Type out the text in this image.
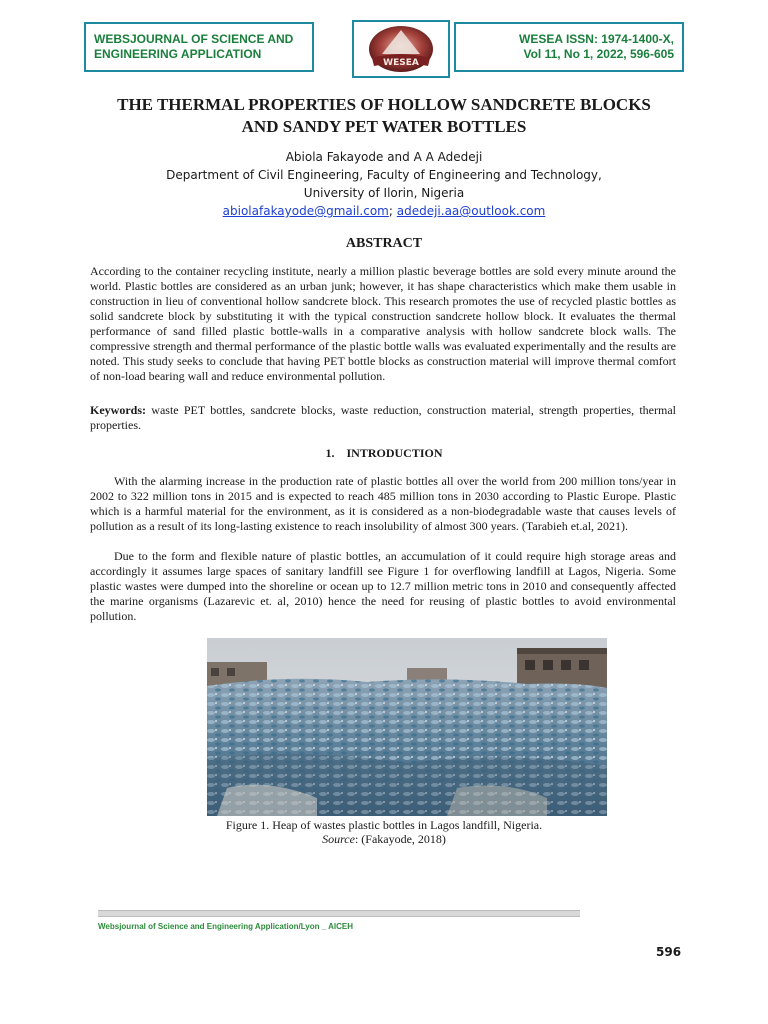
WEBSJOURNAL OF SCIENCE AND
ENGINEERING APPLICATION
WESEA
WESEA ISSN: 1974-1400-X,
Vol 11, No 1, 2022, 596-605
THE THERMAL PROPERTIES OF HOLLOW SANDCRETE BLOCKS
AND SANDY PET WATER BOTTLES
Abiola Fakayode and A A Adedeji
Department of Civil Engineering, Faculty of Engineering and Technology,
University of Ilorin, Nigeria
abiolafakayode@gmail.com; adedeji.aa@outlook.com
ABSTRACT
According to the container recycling institute, nearly a million plastic beverage bottles are sold every minute around the world. Plastic bottles are considered as an urban junk; however, it has shape characteristics which make them usable in construction in lieu of conventional hollow sandcrete block. This research promotes the use of recycled plastic bottles as solid sandcrete block by substituting it with the typical construction sandcrete hollow block. It evaluates the thermal performance of sand filled plastic bottle-walls in a comparative analysis with hollow sandcrete block walls. The compressive strength and thermal performance of the plastic bottle walls was evaluated experimentally and the results are noted. This study seeks to conclude that having PET bottle blocks as construction material will improve thermal comfort of non-load bearing wall and reduce environmental pollution.
Keywords: waste PET bottles, sandcrete blocks, waste reduction, construction material, strength properties, thermal properties.
1.    INTRODUCTION
With the alarming increase in the production rate of plastic bottles all over the world from 200 million tons/year in 2002 to 322 million tons in 2015 and is expected to reach 485 million tons in 2030 according to Plastic Europe. Plastic which is a harmful material for the environment, as it is considered as a non-biodegradable waste that causes levels of pollution as a result of its long-lasting existence to reach insolubility of almost 300 years. (Tarabieh et.al, 2021).
Due to the form and flexible nature of plastic bottles, an accumulation of it could require high storage areas and accordingly it assumes large spaces of sanitary landfill see Figure 1 for overflowing landfill at Lagos, Nigeria. Some plastic wastes were dumped into the shoreline or ocean up to 12.7 million metric tons in 2010 and consequently affected the marine organisms (Lazarevic et. al, 2010) hence the need for reusing of plastic bottles to avoid environmental pollution.
Figure 1. Heap of wastes plastic bottles in Lagos landfill, Nigeria.
Source: (Fakayode, 2018)
Websjournal of Science and Engineering Application/Lyon _ AICEH
596
